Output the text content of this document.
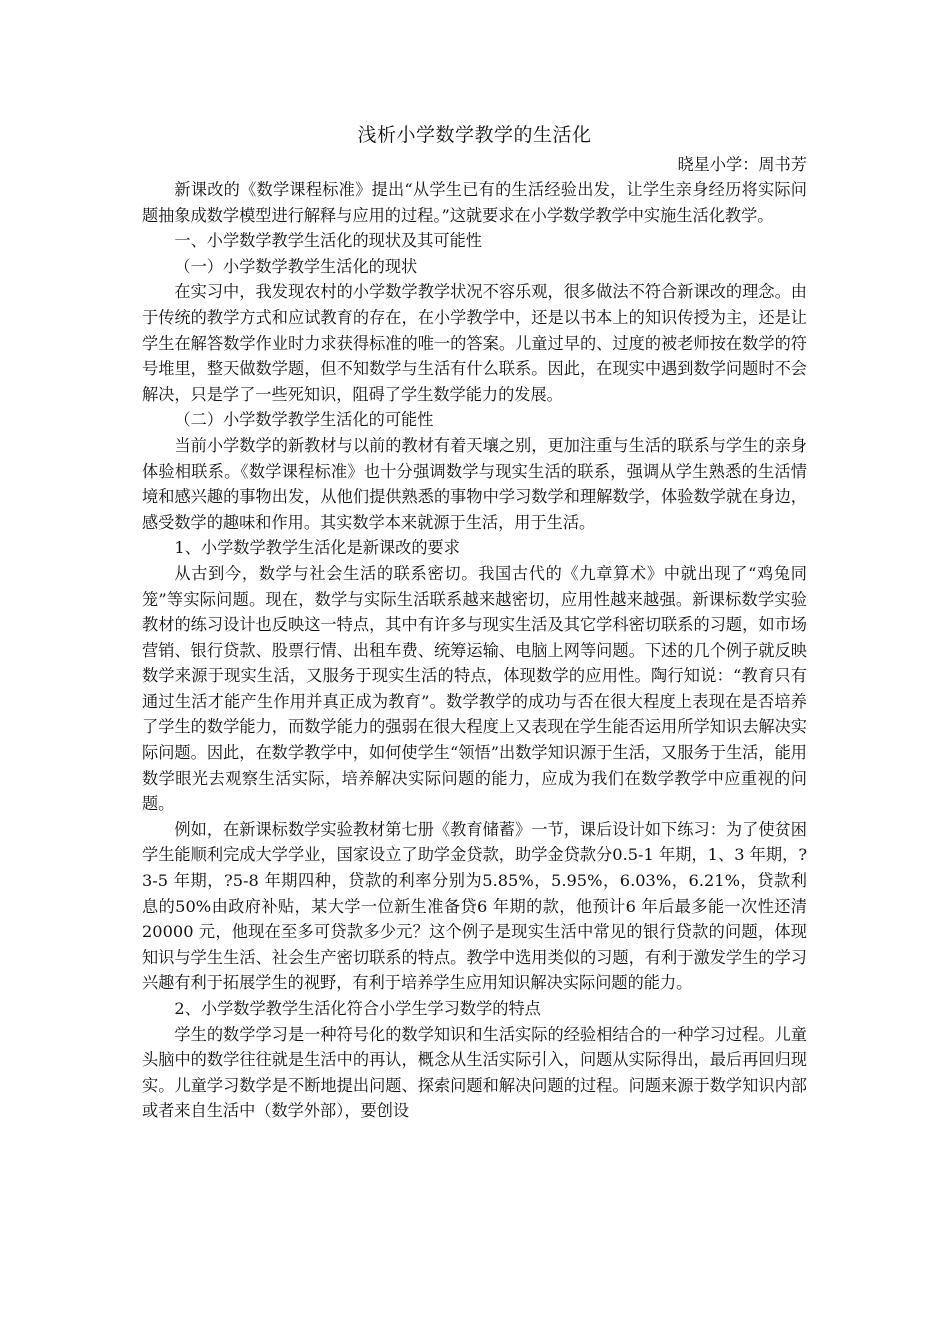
浅析小学数学教学的生活化

晓星小学：周书芳

新课改的《数学课程标准》提出“从学生已有的生活经验出发，让学生亲身经历将实际问题抽象成数学模型进行解释与应用的过程。”这就要求在小学数学教学中实施生活化教学。

一、小学数学教学生活化的现状及其可能性

（一）小学数学教学生活化的现状

在实习中，我发现农村的小学数学教学状况不容乐观，很多做法不符合新课改的理念。由于传统的教学方式和应试教育的存在，在小学教学中，还是以书本上的知识传授为主，还是让学生在解答数学作业时力求获得标准的唯一的答案。儿童过早的、过度的被老师按在数学的符号堆里，整天做数学题，但不知数学与生活有什么联系。因此，在现实中遇到数学问题时不会解决，只是学了一些死知识，阻碍了学生数学能力的发展。

（二）小学数学教学生活化的可能性

当前小学数学的新教材与以前的教材有着天壤之别，更加注重与生活的联系与学生的亲身体验相联系。《数学课程标准》也十分强调数学与现实生活的联系，强调从学生熟悉的生活情境和感兴趣的事物出发，从他们提供熟悉的事物中学习数学和理解数学，体验数学就在身边，感受数学的趣味和作用。其实数学本来就源于生活，用于生活。

1、小学数学教学生活化是新课改的要求

从古到今，数学与社会生活的联系密切。我国古代的《九章算术》中就出现了“鸡兔同笼”等实际问题。现在，数学与实际生活联系越来越密切，应用性越来越强。新课标数学实验教材的练习设计也反映这一特点，其中有许多与现实生活及其它学科密切联系的习题，如市场营销、银行贷款、股票行情、出租车费、统筹运输、电脑上网等问题。下述的几个例子就反映数学来源于现实生活，又服务于现实生活的特点，体现数学的应用性。陶行知说：“教育只有通过生活才能产生作用并真正成为教育”。数学教学的成功与否在很大程度上表现在是否培养了学生的数学能力，而数学能力的强弱在很大程度上又表现在学生能否运用所学知识去解决实际问题。因此，在数学教学中，如何使学生“领悟”出数学知识源于生活，又服务于生活，能用数学眼光去观察生活实际，培养解决实际问题的能力，应成为我们在数学教学中应重视的问题。

例如，在新课标数学实验教材第七册《教育储蓄》一节，课后设计如下练习：为了使贫困学生能顺利完成大学学业，国家设立了助学金贷款，助学金贷款分0.5-1 年期，1、3 年期，?3-5 年期，?5-8 年期四种，贷款的利率分别为5.85%，5.95%，6.03%，6.21%，贷款利息的50%由政府补贴，某大学一位新生准备贷6 年期的款，他预计6 年后最多能一次性还清20000 元，他现在至多可贷款多少元？这个例子是现实生活中常见的银行贷款的问题，体现知识与学生生活、社会生产密切联系的特点。教学中选用类似的习题，有利于激发学生的学习兴趣有利于拓展学生的视野，有利于培养学生应用知识解决实际问题的能力。

2、小学数学教学生活化符合小学生学习数学的特点

学生的数学学习是一种符号化的数学知识和生活实际的经验相结合的一种学习过程。儿童头脑中的数学往往就是生活中的再认，概念从生活实际引入，问题从实际得出，最后再回归现实。儿童学习数学是不断地提出问题、探索问题和解决问题的过程。问题来源于数学知识内部或者来自生活中（数学外部），要创设
